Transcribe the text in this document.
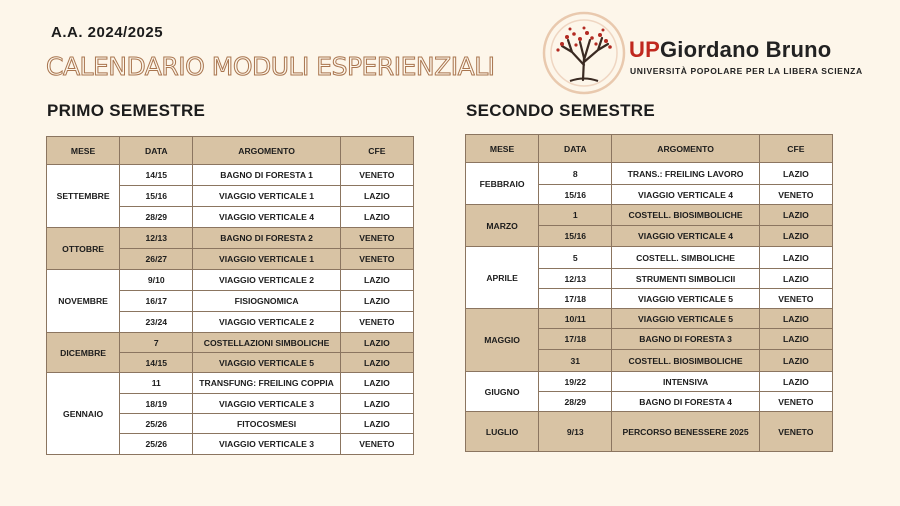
A.A. 2024/2025
CALENDARIO MODULI ESPERIENZIALI
UPGiordano Bruno
UNIVERSITÀ POPOLARE PER LA LIBERA SCIENZA
PRIMO SEMESTRE	SECONDO SEMESTRE
MESE	DATA	ARGOMENTO	CFE
SETTEMBRE	14/15	BAGNO DI FORESTA 1	VENETO
	15/16	VIAGGIO VERTICALE 1	LAZIO
	28/29	VIAGGIO VERTICALE 4	LAZIO
OTTOBRE	12/13	BAGNO DI FORESTA 2	VENETO
	26/27	VIAGGIO VERTICALE 1	VENETO
NOVEMBRE	9/10	VIAGGIO VERTICALE 2	LAZIO
	16/17	FISIOGNOMICA	LAZIO
	23/24	VIAGGIO VERTICALE 2	VENETO
DICEMBRE	7	COSTELLAZIONI SIMBOLICHE	LAZIO
	14/15	VIAGGIO VERTICALE 5	LAZIO
GENNAIO	11	TRANSFUNG: FREILING COPPIA	LAZIO
	18/19	VIAGGIO VERTICALE 3	LAZIO
	25/26	FITOCOSMESI	LAZIO
	25/26	VIAGGIO VERTICALE 3	VENETO
MESE	DATA	ARGOMENTO	CFE
FEBBRAIO	8	TRANS.: FREILING LAVORO	LAZIO
	15/16	VIAGGIO VERTICALE 4	VENETO
MARZO	1	COSTELL. BIOSIMBOLICHE	LAZIO
	15/16	VIAGGIO VERTICALE 4	LAZIO
APRILE	5	COSTELL. SIMBOLICHE	LAZIO
	12/13	STRUMENTI SIMBOLICII	LAZIO
	17/18	VIAGGIO VERTICALE 5	VENETO
MAGGIO	10/11	VIAGGIO VERTICALE 5	LAZIO
	17/18	BAGNO DI FORESTA 3	LAZIO
	31	COSTELL. BIOSIMBOLICHE	LAZIO
GIUGNO	19/22	INTENSIVA	LAZIO
	28/29	BAGNO DI FORESTA 4	VENETO
LUGLIO	9/13	PERCORSO BENESSERE 2025	VENETO
